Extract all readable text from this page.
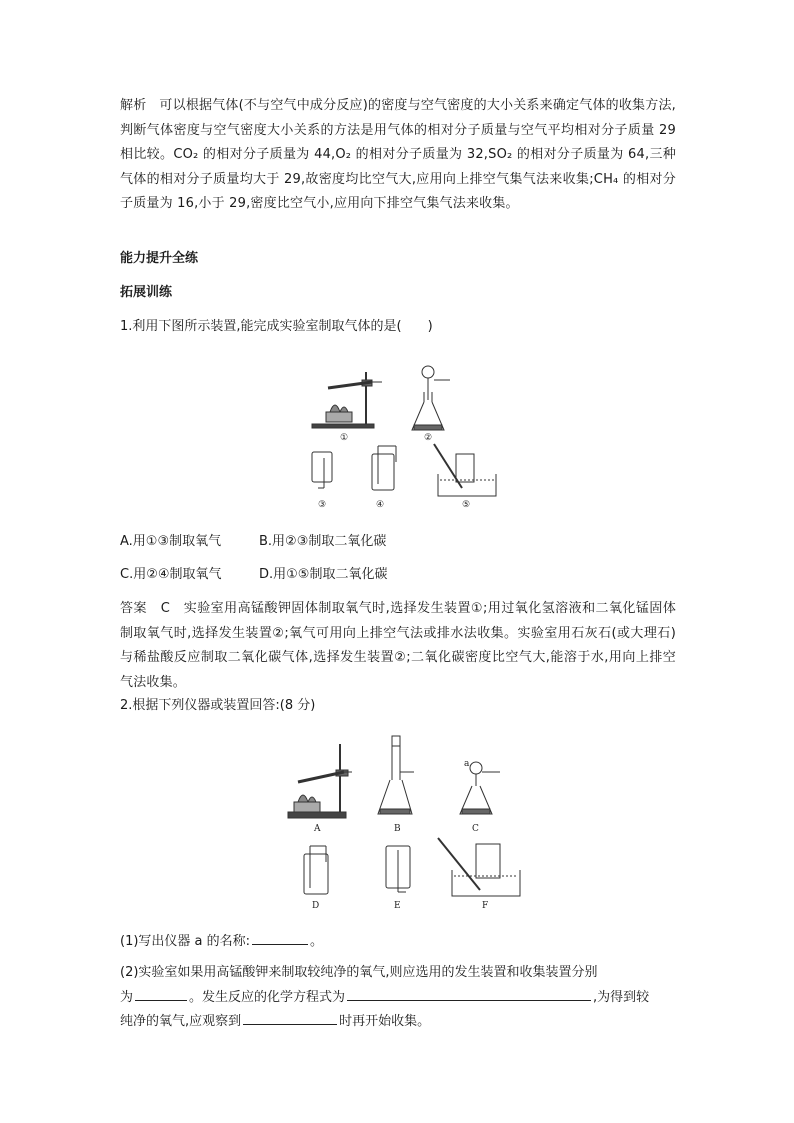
解析 可以根据气体(不与空气中成分反应)的密度与空气密度的大小关系来确定气体的收集方法,判断气体密度与空气密度大小关系的方法是用气体的相对分子质量与空气平均相对分子质量 29 相比较。CO₂ 的相对分子质量为 44,O₂ 的相对分子质量为 32,SO₂ 的相对分子质量为 64,三种气体的相对分子质量均大于 29,故密度均比空气大,应用向上排空气集气法来收集;CH₄ 的相对分子质量为 16,小于 29,密度比空气小,应用向下排空气集气法来收集。

能力提升全练
拓展训练
1.利用下图所示装置,能完成实验室制取气体的是(　　)
①	②
③	④	⑤
A.用①③制取氧气	B.用②③制取二氧化碳
C.用②④制取氧气	D.用①⑤制取二氧化碳

答案 C 实验室用高锰酸钾固体制取氧气时,选择发生装置①;用过氧化氢溶液和二氧化锰固体制取氧气时,选择发生装置②;氧气可用向上排空气法或排水法收集。实验室用石灰石(或大理石)与稀盐酸反应制取二氧化碳气体,选择发生装置②;二氧化碳密度比空气大,能溶于水,用向上排空气法收集。

2.根据下列仪器或装置回答:(8 分)
A	B
a
C
D	E	F
(1)写出仪器 a 的名称:	。
(2)实验室如果用高锰酸钾来制取较纯净的氧气,则应选用的发生装置和收集装置分别
为	。发生反应的化学方程式为	,为得到较
纯净的氧气,应观察到	时再开始收集。
